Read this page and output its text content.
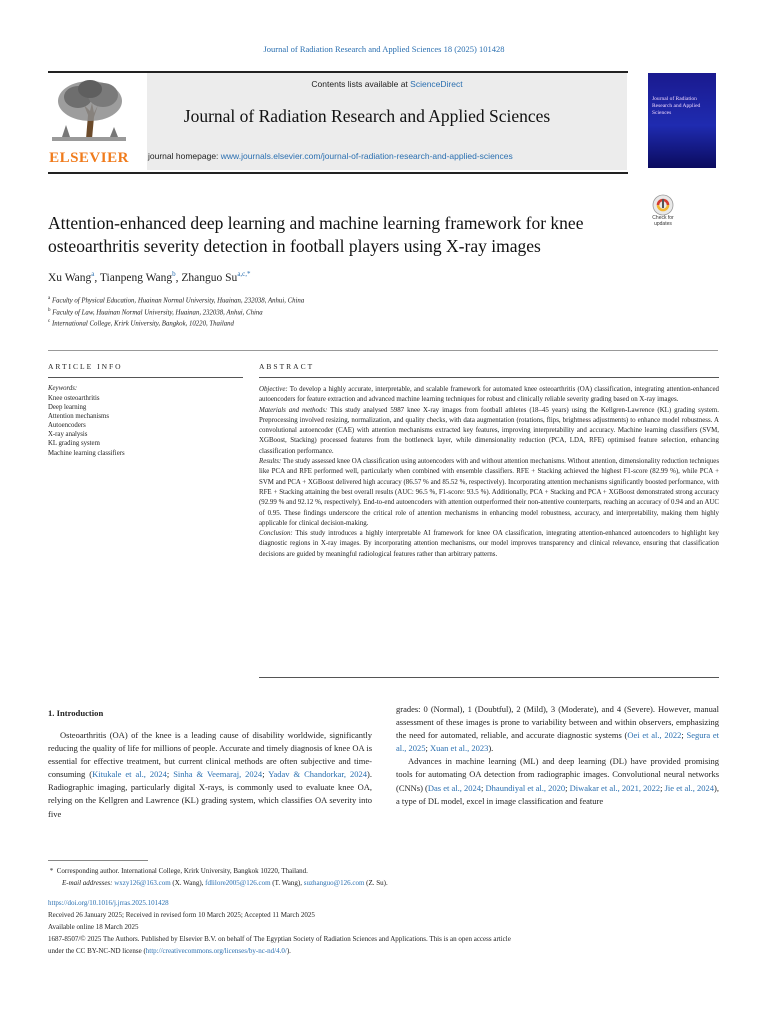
Journal of Radiation Research and Applied Sciences 18 (2025) 101428
ELSEVIER
Contents lists available at ScienceDirect
Journal of Radiation Research and Applied Sciences
journal homepage: www.journals.elsevier.com/journal-of-radiation-research-and-applied-sciences
Journal of Radiation Research and Applied Sciences
Attention-enhanced deep learning and machine learning framework for knee osteoarthritis severity detection in football players using X-ray images
Check for updates
Xu Wang$^a$, Tianpeng Wang$^b$, Zhanguo $Su^{a,c,*}$
$^a$ Faculty of Physical Education, Huainan Normal University, Huainan, 232038, Anhui, China
$^b$ Faculty of Law, Huainan Normal University, Huainan, 232038, Anhui, China
$^c$ International College, Krirk University, Bangkok, 10220, Thailand
ARTICLE INFO
Keywords:
Knee osteoarthritis
Deep learning
Attention mechanisms
Autoencoders
X-ray analysis
KL grading system
Machine learning classifiers
ABSTRACT

Objective: To develop a highly accurate, interpretable, and scalable framework for automated knee osteoarthritis (OA) classification, integrating attention-enhanced autoencoders for feature extraction and advanced machine learning techniques for robust and clinically reliable severity grading based on X-ray images.

Materials and methods: This study analysed 5987 knee X-ray images from football athletes (18–45 years) using the Kellgren-Lawrence (KL) grading system. Preprocessing involved resizing, normalization, and quality checks, with data augmentation (rotations, flips, brightness adjustments) to enhance model robustness. A convolutional autoencoder (CAE) with attention mechanisms extracted key features, improving interpretability and accuracy. Machine learning classifiers (SVM, XGBoost, Stacking) processed features from the bottleneck layer, while dimensionality reduction (PCA, LDA, RFE) optimised feature selection, enhancing classification performance.

Results: The study assessed knee OA classification using autoencoders with and without attention mechanisms. Without attention, dimensionality reduction techniques like PCA and RFE performed well, particularly when combined with ensemble classifiers. RFE + Stacking achieved the highest F1-score (82.99 %), while PCA + SVM and PCA + XGBoost delivered high accuracy (86.57 % and 85.52 %, respectively). Incorporating attention mechanisms significantly boosted performance, with RFE + Stacking attaining the best overall results (AUC: 96.5 %, F1-score: 93.5 %). Additionally, PCA + Stacking and PCA + XGBoost demonstrated strong accuracy (92.99 % and 92.12 %, respectively). End-to-end autoencoders with attention outperformed their non-attentive counterparts, reaching an accuracy of 0.94 and an AUC of 0.95. These findings underscore the critical role of attention mechanisms in enhancing model robustness, accuracy, and interpretability, making them highly applicable for clinical decision-making.

Conclusion: This study introduces a highly interpretable AI framework for knee OA classification, integrating attention-enhanced autoencoders to highlight key diagnostic regions in X-ray images. By incorporating attention mechanisms, our model improves transparency and clinical relevance, ensuring that classification decisions are guided by meaningful radiological features rather than arbitrary patterns.

1. Introduction

Osteoarthritis (OA) of the knee is a leading cause of disability worldwide, significantly reducing the quality of life for millions of people. Accurate and timely diagnosis of knee OA is essential for effective treatment, but current clinical methods are often subjective and time-consuming (Kitukale et al., 2024; Sinha & Veemaraj, 2024; Yadav & Chandorkar, 2024). Radiographic imaging, particularly digital X-rays, is commonly used to evaluate knee OA, relying on the Kellgren and Lawrence (KL) grading system, which classifies OA severity into five

grades: 0 (Normal), 1 (Doubtful), 2 (Mild), 3 (Moderate), and 4 (Severe). However, manual assessment of these images is prone to variability between and within observers, emphasizing the need for automated, reliable, and accurate diagnostic systems (Oei et al., 2022; Segura et al., 2025; Xuan et al., 2023).

Advances in machine learning (ML) and deep learning (DL) have provided promising tools for automating OA detection from radiographic images. Convolutional neural networks (CNNs) (Das et al., 2024; Dhaundiyal et al., 2020; Diwakar et al., 2021, 2022; Jie et al., 2024), a type of DL model, excel in image classification and feature

*  Corresponding author. International College, Krirk University, Bangkok 10220, Thailand.
E-mail addresses: wxzy126@163.com (X. Wang), fdlilore2005@126.com (T. Wang), suzhanguo@126.com (Z. Su).
https://doi.org/10.1016/j.jrras.2025.101428
Received 26 January 2025; Received in revised form 10 March 2025; Accepted 11 March 2025
Available online 18 March 2025
1687-8507/© 2025 The Authors. Published by Elsevier B.V. on behalf of The Egyptian Society of Radiation Sciences and Applications. This is an open access article
under the CC BY-NC-ND license (http://creativecommons.org/licenses/by-nc-nd/4.0/).
